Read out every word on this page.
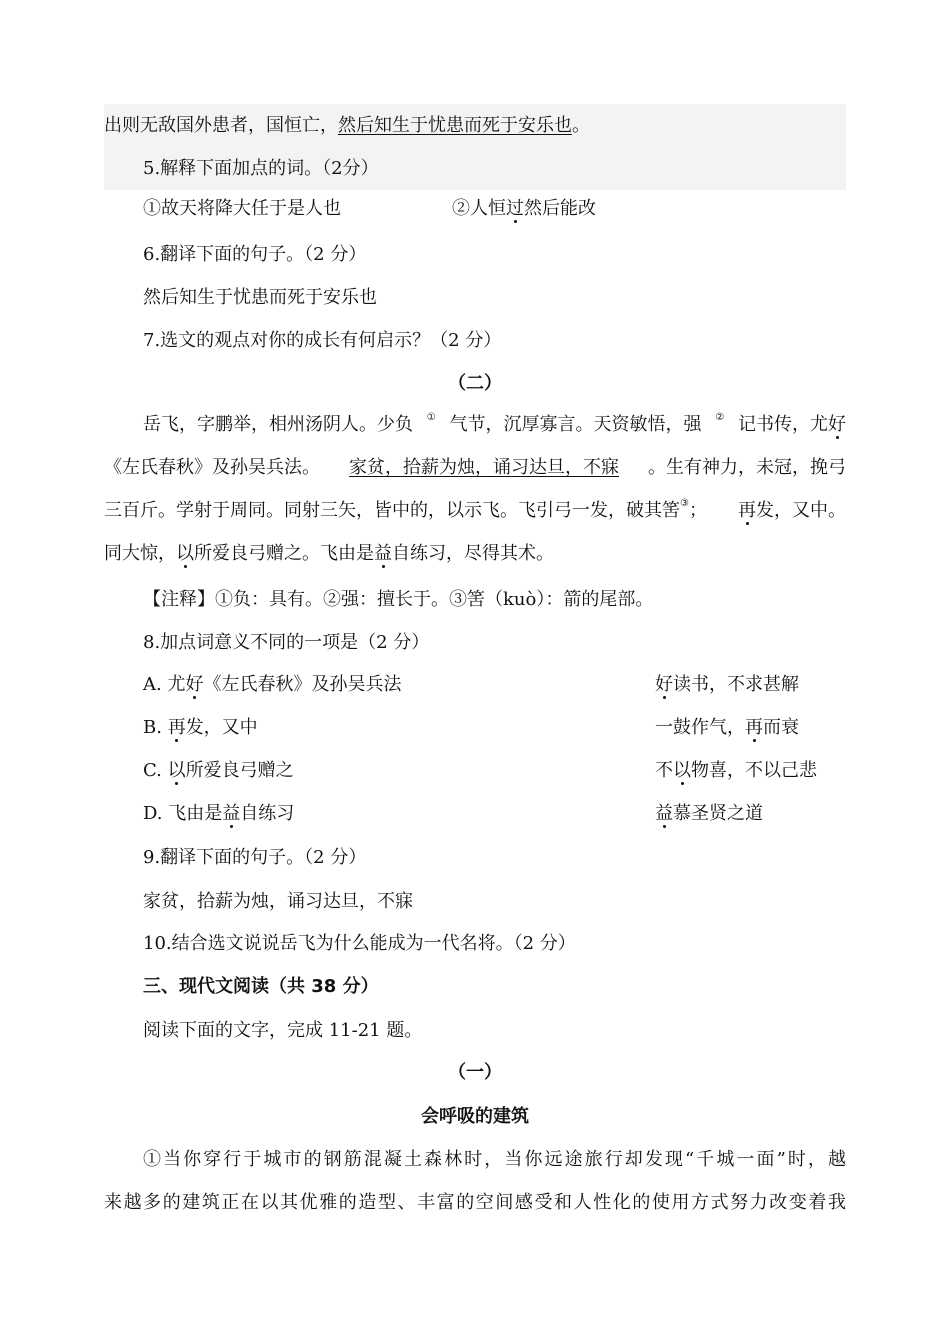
出则无敌国外患者，国恒亡，然后知生于忧患而死于安乐也。
5.解释下面加点的词。（2分）
①故天将降大任于是人也	②人恒过然后能改
6.翻译下面的句子。（2 分）
然后知生于忧患而死于安乐也
7.选文的观点对你的成长有何启示？（2 分）
（二）
岳飞，字鹏举，相州汤阴人。少负 ① 气节，沉厚寡言。天资敏悟，强 ② 记书传，尤好
《左氏春秋》及孙吴兵法。 家贫，拾薪为烛，诵习达旦，不寐 。生有神力，未冠，挽弓
三百斤。学射于周同。同射三矢，皆中的，以示飞。飞引弓一发，破其筈③； 再发，又中。
同大惊，以所爱良弓赠之。飞由是益自练习，尽得其术。
【注释】①负：具有。②强：擅长于。③筈（kuò）：箭的尾部。
8.加点词意义不同的一项是（2 分）
A. 尤好《左氏春秋》及孙吴兵法	好读书，不求甚解
B. 再发，又中	一鼓作气，再而衰
C. 以所爱良弓赠之	不以物喜，不以己悲
D. 飞由是益自练习	益慕圣贤之道
9.翻译下面的句子。（2 分）
家贫，拾薪为烛，诵习达旦，不寐
10.结合选文说说岳飞为什么能成为一代名将。（2 分）
三、现代文阅读（共 38 分）
阅读下面的文字，完成 11-21 题。
（一）
会呼吸的建筑
①当你穿行于城市的钢筋混凝土森林时，当你远途旅行却发现“千城一面”时，越
来越多的建筑正在以其优雅的造型、丰富的空间感受和人性化的使用方式努力改变着我
